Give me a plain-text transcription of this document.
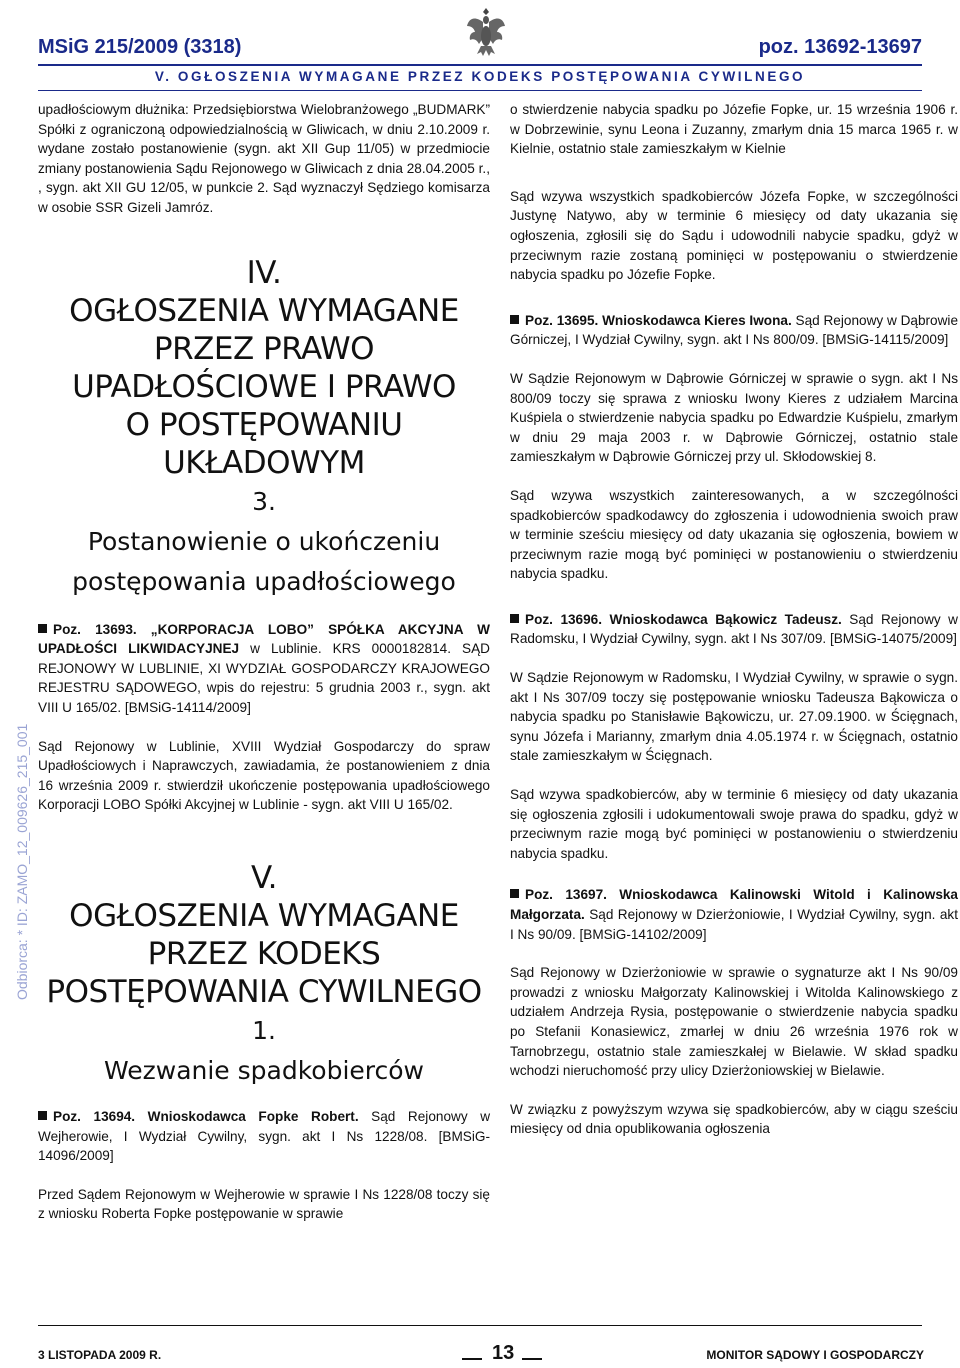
MSiG 215/2009 (3318)	poz. 13692-13697
V. OGŁOSZENIA WYMAGANE PRZEZ KODEKS POSTĘPOWANIA CYWILNEGO
Odbiorca: * ID: ZAMO_12_009626_215_001

upadłościowym dłużnika: Przedsiębiorstwa Wielobranżowego „BUDMARK” Spółki z ograniczoną odpowiedzialnością w Gliwicach, w dniu 2.10.2009 r. wydane zostało postanowienie (sygn. akt XII Gup 11/05) w przedmiocie zmiany postanowienia Sądu Rejonowego w Gliwicach z dnia 28.04.2005 r., , sygn. akt XII GU 12/05, w punkcie 2. Sąd wyznaczył Sędziego komisarza w osobie SSR Gizeli Jamróz.

IV.
OGŁOSZENIA WYMAGANE
PRZEZ PRAWO
UPADŁOŚCIOWE I PRAWO
O POSTĘPOWANIU
UKŁADOWYM
3.
Postanowienie o ukończeniu
postępowania upadłościowego

Poz. 13693. „KORPORACJA LOBO” SPÓŁKA AKCYJNA W UPADŁOŚCI LIKWIDACYJNEJ w Lublinie. KRS 0000182814. SĄD REJONOWY W LUBLINIE, XI WYDZIAŁ GOSPODARCZY KRAJOWEGO REJESTRU SĄDOWEGO, wpis do rejestru: 5 grudnia 2003 r., sygn. akt VIII U 165/02. [BMSiG-14114/2009]

Sąd Rejonowy w Lublinie, XVIII Wydział Gospodarczy do spraw Upadłościowych i Naprawczych, zawiadamia, że postanowieniem z dnia 16 września 2009 r. stwierdził ukończenie postępowania upadłościowego Korporacji LOBO Spółki Akcyjnej w Lublinie - sygn. akt VIII U 165/02.

V.
OGŁOSZENIA WYMAGANE
PRZEZ KODEKS
POSTĘPOWANIA CYWILNEGO
1.
Wezwanie spadkobierców

Poz. 13694. Wnioskodawca Fopke Robert. Sąd Rejonowy w Wejherowie, I Wydział Cywilny, sygn. akt I Ns 1228/08. [BMSiG-14096/2009]

Przed Sądem Rejonowym w Wejherowie w sprawie I Ns 1228/08 toczy się z wniosku Roberta Fopke postępowanie w sprawie

o stwierdzenie nabycia spadku po Józefie Fopke, ur. 15 września 1906 r. w Dobrzewinie, synu Leona i Zuzanny, zmarłym dnia 15 marca 1965 r. w Kielnie, ostatnio stale zamieszkałym w Kielnie

Sąd wzywa wszystkich spadkobierców Józefa Fopke, w szczególności Justynę Natywo, aby w terminie 6 miesięcy od daty ukazania się ogłoszenia, zgłosili się do Sądu i udowodnili nabycie spadku, gdyż w przeciwnym razie zostaną pominięci w postępowaniu o stwierdzenie nabycia spadku po Józefie Fopke.

Poz. 13695. Wnioskodawca Kieres Iwona. Sąd Rejonowy w Dąbrowie Górniczej, I Wydział Cywilny, sygn. akt I Ns 800/09. [BMSiG-14115/2009]

W Sądzie Rejonowym w Dąbrowie Górniczej w sprawie o sygn. akt I Ns 800/09 toczy się sprawa z wniosku Iwony Kieres z udziałem Marcina Kuśpiela o stwierdzenie nabycia spadku po Edwardzie Kuśpielu, zmarłym w dniu 29 maja 2003 r. w Dąbrowie Górniczej, ostatnio stale zamieszkałym w Dąbrowie Górniczej przy ul. Skłodowskiej 8.

Sąd wzywa wszystkich zainteresowanych, a w szczególności spadkobierców spadkodawcy do zgłoszenia i udowodnienia swoich praw w terminie sześciu miesięcy od daty ukazania się ogłoszenia, bowiem w przeciwnym razie mogą być pominięci w postanowieniu o stwierdzeniu nabycia spadku.

Poz. 13696. Wnioskodawca Bąkowicz Tadeusz. Sąd Rejonowy w Radomsku, I Wydział Cywilny, sygn. akt I Ns 307/09. [BMSiG-14075/2009]

W Sądzie Rejonowym w Radomsku, I Wydział Cywilny, w sprawie o sygn. akt I Ns 307/09 toczy się postępowanie wniosku Tadeusza Bąkowicza o nabycia spadku po Stanisławie Bąkowiczu, ur. 27.09.1900. w Ścięgnach, synu Józefa i Marianny, zmarłym dnia 4.05.1974 r. w Ścięgnach, ostatnio stale zamieszkałym w Ścięgnach.

Sąd wzywa spadkobierców, aby w terminie 6 miesięcy od daty ukazania się ogłoszenia zgłosili i udokumentowali swoje prawa do spadku, gdyż w przeciwnym razie mogą być pominięci w postanowieniu o stwierdzeniu nabycia spadku.

Poz. 13697. Wnioskodawca Kalinowski Witold i Kalinowska Małgorzata. Sąd Rejonowy w Dzierżoniowie, I Wydział Cywilny, sygn. akt I Ns 90/09. [BMSiG-14102/2009]

Sąd Rejonowy w Dzierżoniowie w sprawie o sygnaturze akt I Ns 90/09 prowadzi z wniosku Małgorzaty Kalinowskiej i Witolda Kalinowskiego z udziałem Andrzeja Rysia, postępowanie o stwierdzenie nabycia spadku po Stefanii Konasiewicz, zmarłej w dniu 26 września 1976 rok w Tarnobrzegu, ostatnio stale zamieszkałej w Bielawie. W skład spadku wchodzi nieruchomość przy ulicy Dzierżoniowskiej w Bielawie.

W związku z powyższym wzywa się spadkobierców, aby w ciągu sześciu miesięcy od dnia opublikowania ogłoszenia

3 LISTOPADA 2009 R.	13	MONITOR SĄDOWY I GOSPODARCZY
